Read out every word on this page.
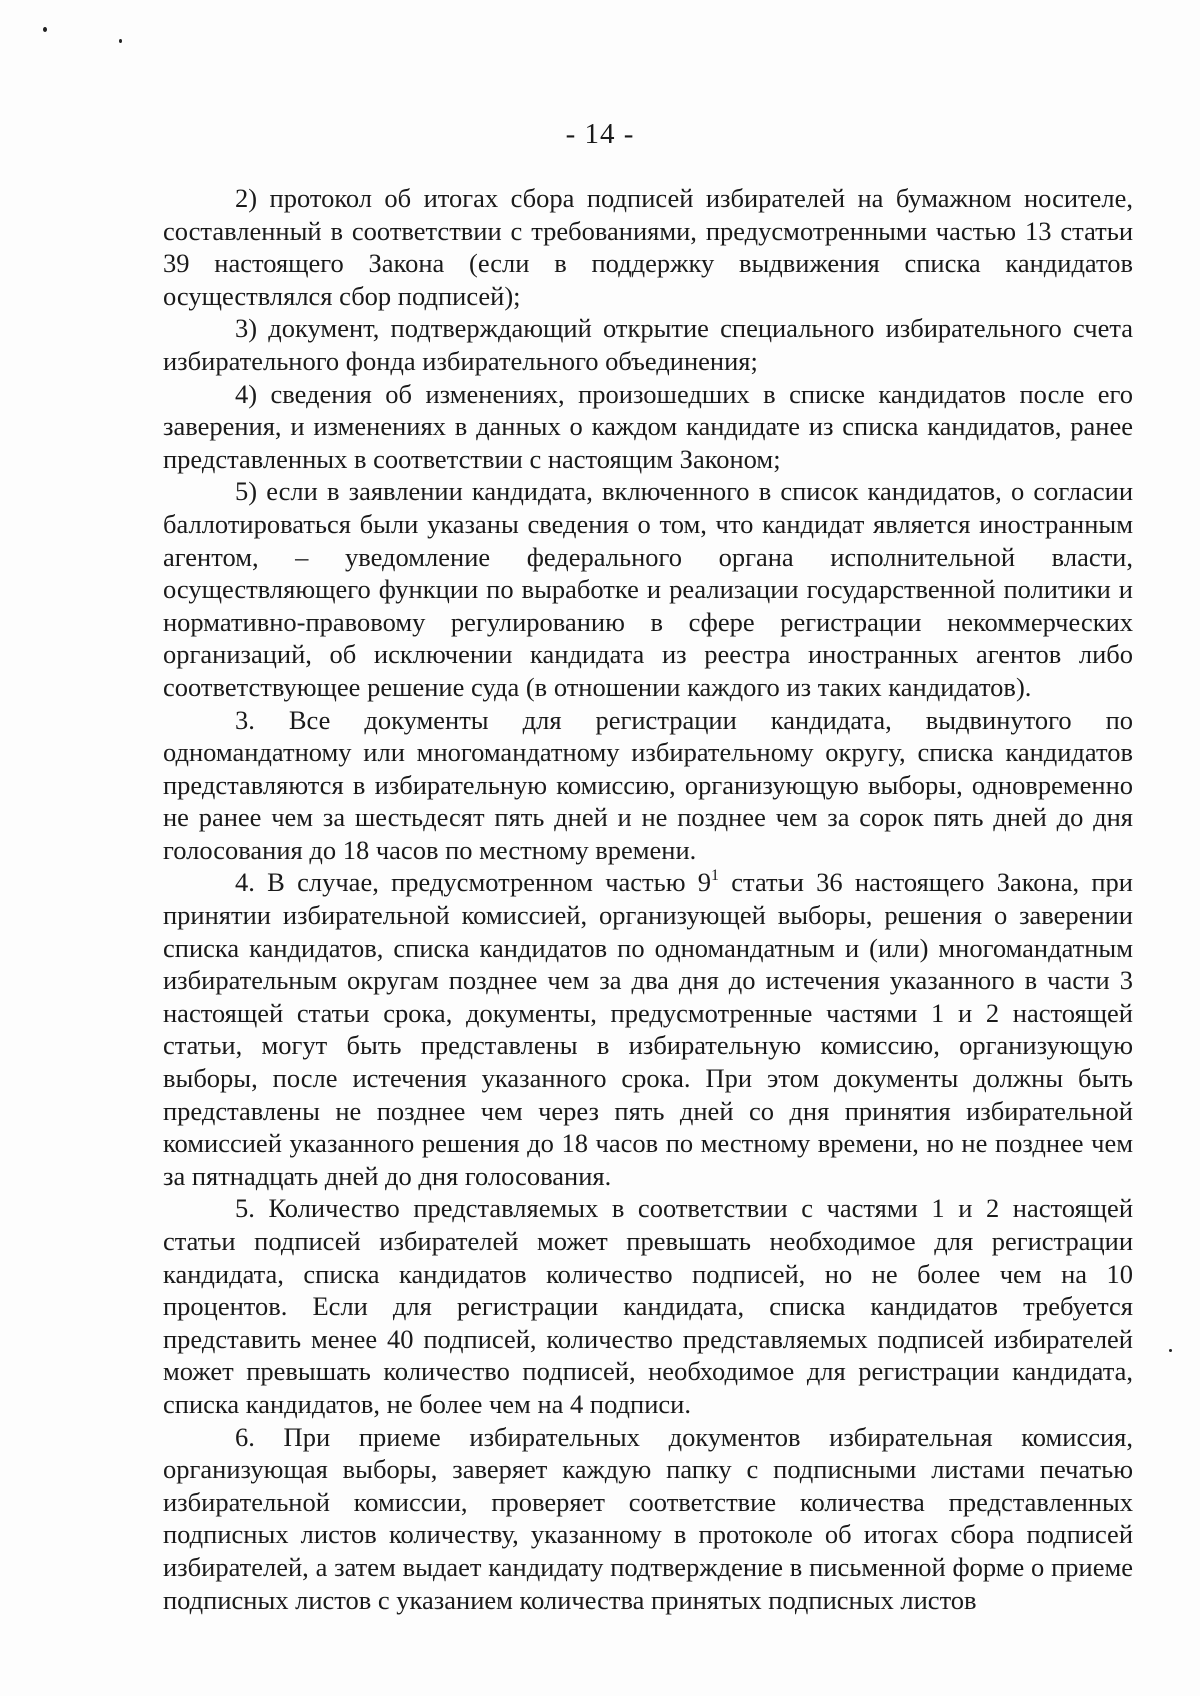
- 14 -

2) протокол об итогах сбора подписей избирателей на бумажном носителе, составленный в соответствии с требованиями, предусмотренными частью 13 статьи 39 настоящего Закона (если в поддержку выдвижения списка кандидатов осуществлялся сбор подписей);

3) документ, подтверждающий открытие специального избирательного счета избирательного фонда избирательного объединения;

4) сведения об изменениях, произошедших в списке кандидатов после его заверения, и изменениях в данных о каждом кандидате из списка кандидатов, ранее представленных в соответствии с настоящим Законом;

5) если в заявлении кандидата, включенного в список кандидатов, о согласии баллотироваться были указаны сведения о том, что кандидат является иностранным агентом, – уведомление федерального органа исполнительной власти, осуществляющего функции по выработке и реализации государственной политики и нормативно-правовому регулированию в сфере регистрации некоммерческих организаций, об исключении кандидата из реестра иностранных агентов либо соответствующее решение суда (в отношении каждого из таких кандидатов).

3. Все документы для регистрации кандидата, выдвинутого по одномандатному или многомандатному избирательному округу, списка кандидатов представляются в избирательную комиссию, организующую выборы, одновременно не ранее чем за шестьдесят пять дней и не позднее чем за сорок пять дней до дня голосования до 18 часов по местному времени.

4. В случае, предусмотренном частью $9^1$ статьи 36 настоящего Закона, при принятии избирательной комиссией, организующей выборы, решения о заверении списка кандидатов, списка кандидатов по одномандатным и (или) многомандатным избирательным округам позднее чем за два дня до истечения указанного в части 3 настоящей статьи срока, документы, предусмотренные частями 1 и 2 настоящей статьи, могут быть представлены в избирательную комиссию, организующую выборы, после истечения указанного срока. При этом документы должны быть представлены не позднее чем через пять дней со дня принятия избирательной комиссией указанного решения до 18 часов по местному времени, но не позднее чем за пятнадцать дней до дня голосования.

5. Количество представляемых в соответствии с частями 1 и 2 настоящей статьи подписей избирателей может превышать необходимое для регистрации кандидата, списка кандидатов количество подписей, но не более чем на 10 процентов. Если для регистрации кандидата, списка кандидатов требуется представить менее 40 подписей, количество представляемых подписей избирателей может превышать количество подписей, необходимое для регистрации кандидата, списка кандидатов, не более чем на 4 подписи.

6. При приеме избирательных документов избирательная комиссия, организующая выборы, заверяет каждую папку с подписными листами печатью избирательной комиссии, проверяет соответствие количества представленных подписных листов количеству, указанному в протоколе об итогах сбора подписей избирателей, а затем выдает кандидату подтверждение в письменной форме о приеме подписных листов с указанием количества принятых подписных листов
